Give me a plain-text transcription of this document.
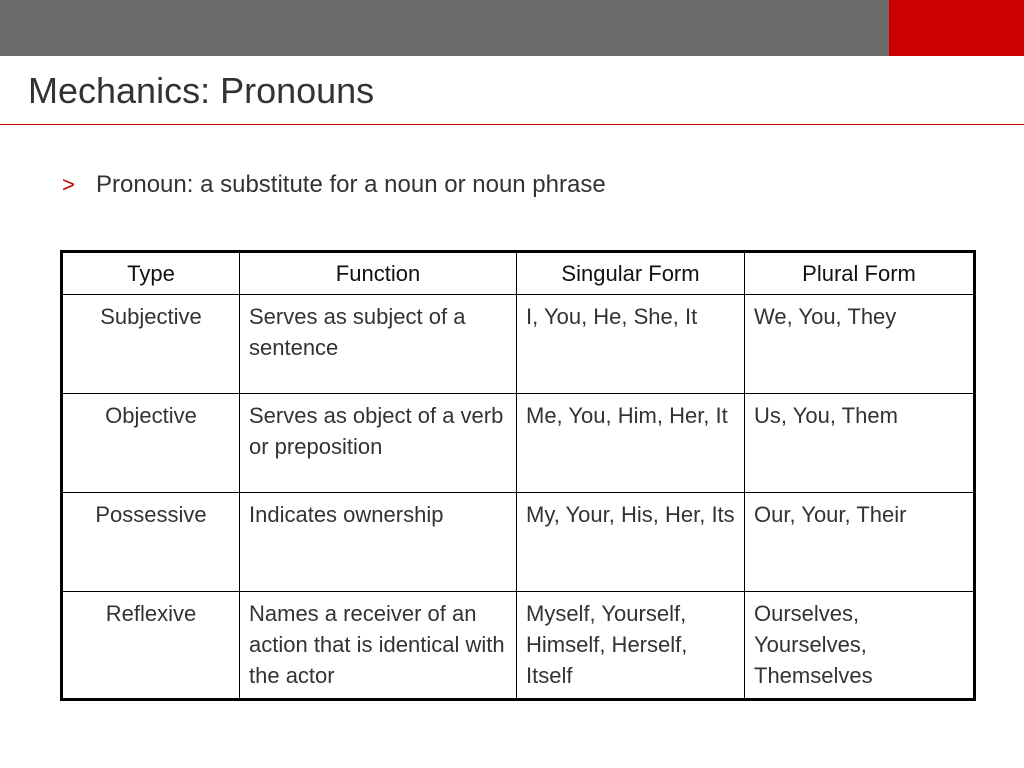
Mechanics: Pronouns
> Pronoun: a substitute for a noun or noun phrase
Type	Function	Singular Form	Plural Form
Subjective	Serves as subject of a sentence	I, You, He, She, It	We, You, They
Objective	Serves as object of a verb or preposition	Me, You, Him, Her, It	Us, You, Them
Possessive	Indicates ownership	My, Your, His, Her, Its	Our, Your, Their
Reflexive	Names a receiver of an action that is identical with the actor	Myself, Yourself, Himself, Herself, Itself	Ourselves, Yourselves, Themselves
